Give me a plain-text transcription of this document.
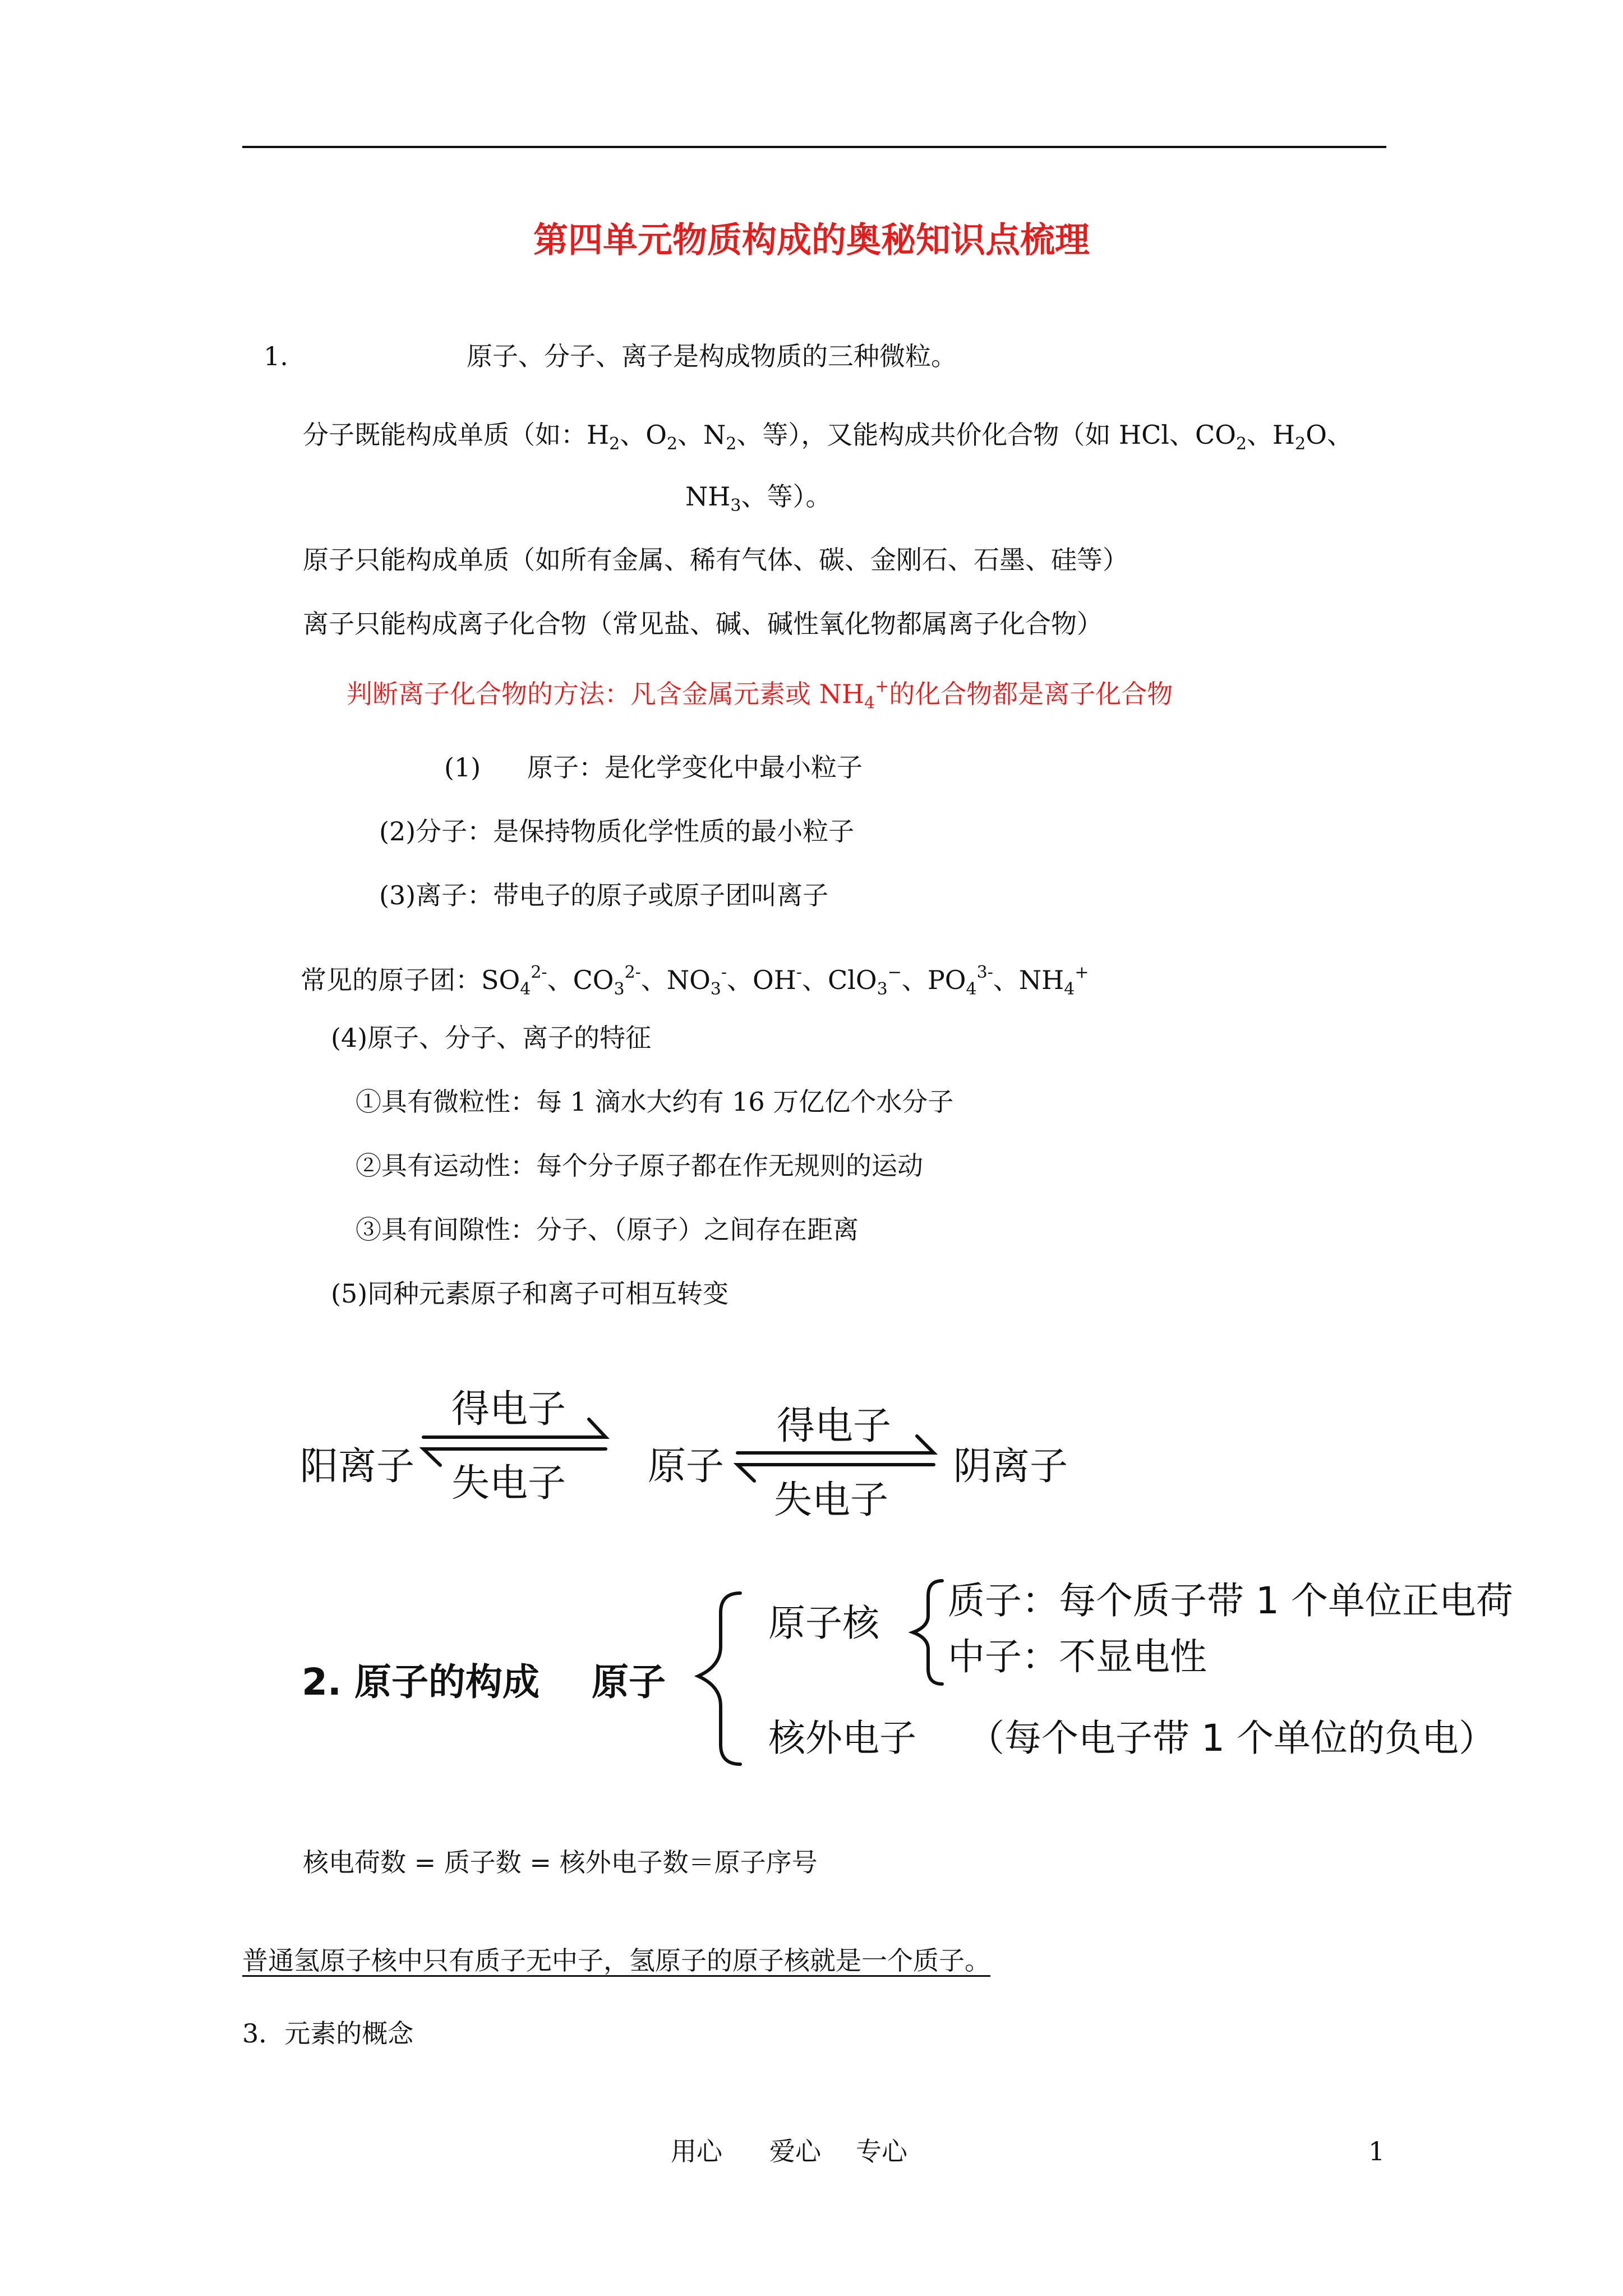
第四单元物质构成的奥秘知识点梳理
1.	原子、分子、离子是构成物质的三种微粒。
分子既能构成单质（如：$H_2$、$O_2$、$N_2$、等），又能构成共价化合物（如 HCl、$CO_2$、$H_2O$、
$NH_3$、等）。
原子只能构成单质（如所有金属、稀有气体、碳、金刚石、石墨、硅等）
离子只能构成离子化合物（常见盐、碱、碱性氧化物都属离子化合物）
判断离子化合物的方法：凡含金属元素或 $NH_4^+$的化合物都是离子化合物
(1) 原子：是化学变化中最小粒子
(2)分子：是保持物质化学性质的最小粒子
(3)离子：带电子的原子或原子团叫离子
常见的原子团：$SO_4^{2-}$、$CO_3^{2-}$、$NO_3^-$、OH-、ClO$_3$−、$PO_4^{3-}$、$NH_4^+$
(4)原子、分子、离子的特征
①具有微粒性：每 1 滴水大约有 16 万亿亿个水分子
②具有运动性：每个分子原子都在作无规则的运动
③具有间隙性：分子、（原子）之间存在距离
(5)同种元素原子和离子可相互转变
阳离子
得电子
失电子 原子
得电子
失电子
阴离子
2. 原子的构成 原子
原子核
质子：每个质子带 1 个单位正电荷
中子：不显电性
核外电子 （每个电子带 1 个单位的负电）
核电荷数 = 质子数 = 核外电子数＝原子序号
普通氢原子核中只有质子无中子，氢原子的原子核就是一个质子。
3．元素的概念
用心 爱心 专心	1
